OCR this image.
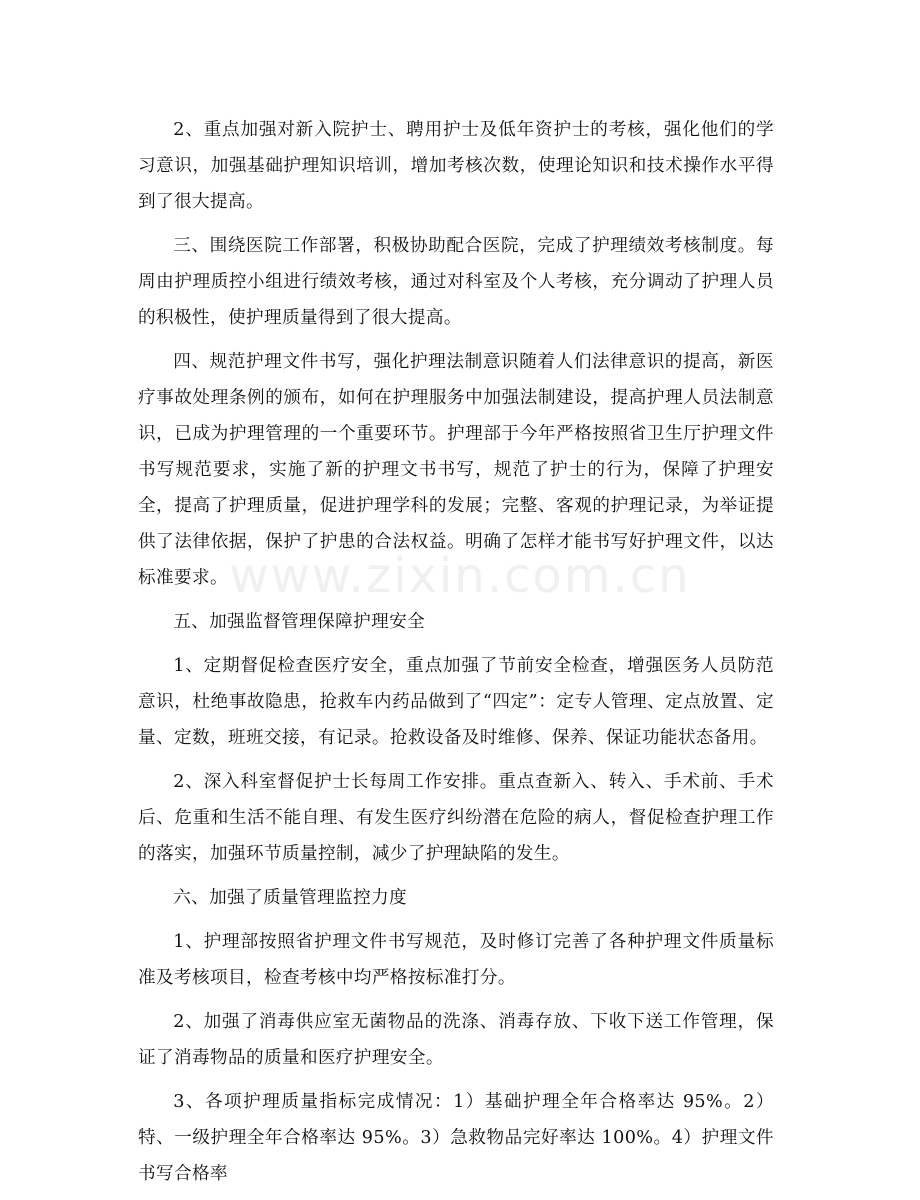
2、重点加强对新入院护士、聘用护士及低年资护士的考核，强化他们的学习意识，加强基础护理知识培训，增加考核次数，使理论知识和技术操作水平得到了很大提高。

三、围绕医院工作部署，积极协助配合医院，完成了护理绩效考核制度。每周由护理质控小组进行绩效考核，通过对科室及个人考核，充分调动了护理人员的积极性，使护理质量得到了很大提高。

四、规范护理文件书写，强化护理法制意识随着人们法律意识的提高，新医疗事故处理条例的颁布，如何在护理服务中加强法制建设，提高护理人员法制意识，已成为护理管理的一个重要环节。护理部于今年严格按照省卫生厅护理文件书写规范要求，实施了新的护理文书书写，规范了护士的行为，保障了护理安全，提高了护理质量，促进护理学科的发展；完整、客观的护理记录，为举证提供了法律依据，保护了护患的合法权益。明确了怎样才能书写好护理文件，以达标准要求。

五、加强监督管理保障护理安全

1、定期督促检查医疗安全，重点加强了节前安全检查，增强医务人员防范意识，杜绝事故隐患，抢救车内药品做到了“四定”：定专人管理、定点放置、定量、定数，班班交接，有记录。抢救设备及时维修、保养、保证功能状态备用。

2、深入科室督促护士长每周工作安排。重点查新入、转入、手术前、手术后、危重和生活不能自理、有发生医疗纠纷潜在危险的病人，督促检查护理工作的落实，加强环节质量控制，减少了护理缺陷的发生。

六、加强了质量管理监控力度

1、护理部按照省护理文件书写规范，及时修订完善了各种护理文件质量标准及考核项目，检查考核中均严格按标准打分。

2、加强了消毒供应室无菌物品的洗涤、消毒存放、下收下送工作管理，保证了消毒物品的质量和医疗护理安全。

3、各项护理质量指标完成情况：1）基础护理全年合格率达 95%。2）特、一级护理全年合格率达 95%。3）急救物品完好率达 100%。4）护理文件书写合格率

www.zixin.com.cn
